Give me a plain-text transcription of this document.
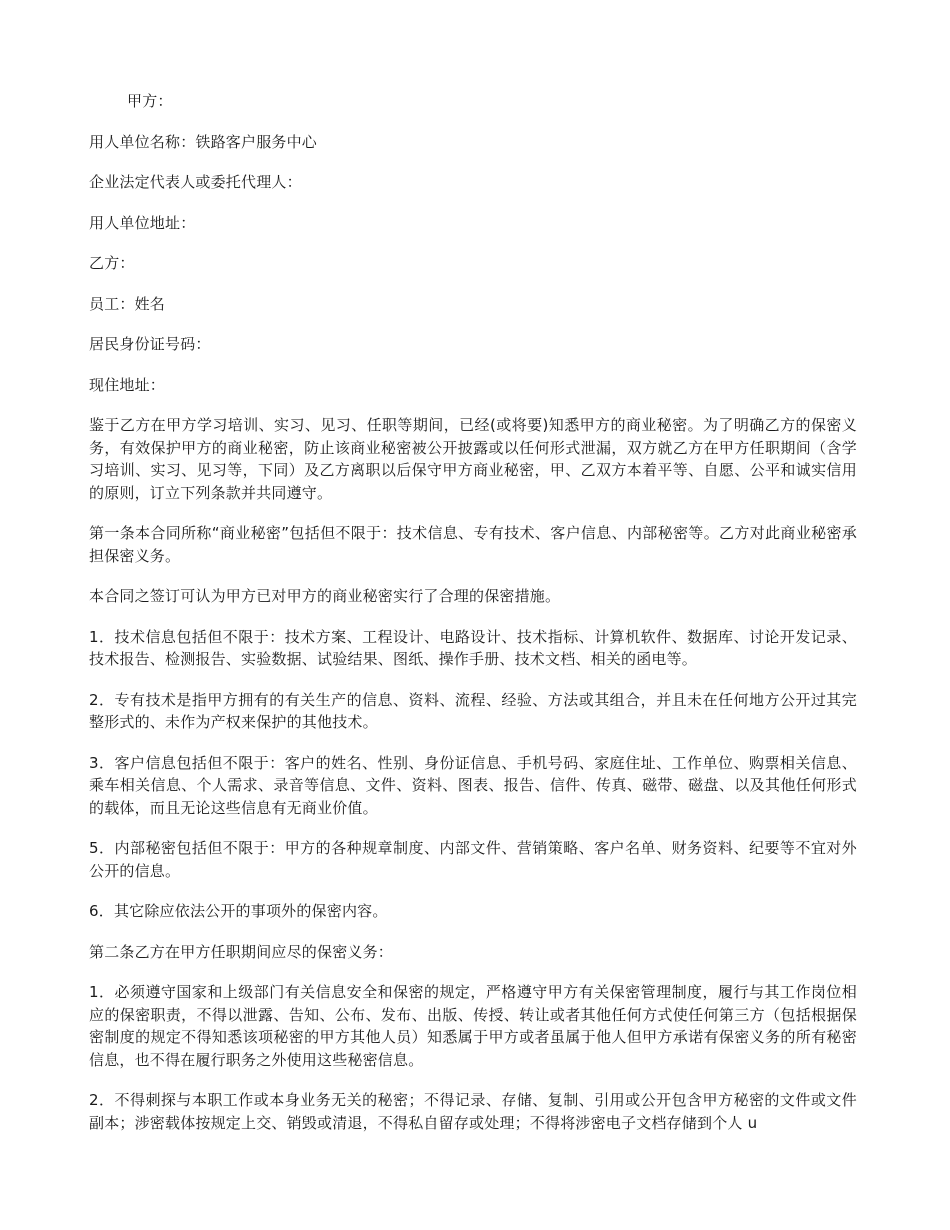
甲方：

用人单位名称：铁路客户服务中心

企业法定代表人或委托代理人：

用人单位地址：

乙方：

员工：姓名

居民身份证号码：

现住地址：

鉴于乙方在甲方学习培训、实习、见习、任职等期间，已经(或将要)知悉甲方的商业秘密。为了明确乙方的保密义务，有效保护甲方的商业秘密，防止该商业秘密被公开披露或以任何形式泄漏，双方就乙方在甲方任职期间（含学习培训、实习、见习等，下同）及乙方离职以后保守甲方商业秘密，甲、乙双方本着平等、自愿、公平和诚实信用的原则，订立下列条款并共同遵守。

第一条本合同所称“商业秘密”包括但不限于：技术信息、专有技术、客户信息、内部秘密等。乙方对此商业秘密承担保密义务。

本合同之签订可认为甲方已对甲方的商业秘密实行了合理的保密措施。

1．技术信息包括但不限于：技术方案、工程设计、电路设计、技术指标、计算机软件、数据库、讨论开发记录、技术报告、检测报告、实验数据、试验结果、图纸、操作手册、技术文档、相关的函电等。

2．专有技术是指甲方拥有的有关生产的信息、资料、流程、经验、方法或其组合，并且未在任何地方公开过其完整形式的、未作为产权来保护的其他技术。

3．客户信息包括但不限于：客户的姓名、性别、身份证信息、手机号码、家庭住址、工作单位、购票相关信息、乘车相关信息、个人需求、录音等信息、文件、资料、图表、报告、信件、传真、磁带、磁盘、以及其他任何形式的载体，而且无论这些信息有无商业价值。

5．内部秘密包括但不限于：甲方的各种规章制度、内部文件、营销策略、客户名单、财务资料、纪要等不宜对外公开的信息。

6．其它除应依法公开的事项外的保密内容。

第二条乙方在甲方任职期间应尽的保密义务：

1．必须遵守国家和上级部门有关信息安全和保密的规定，严格遵守甲方有关保密管理制度，履行与其工作岗位相应的保密职责，不得以泄露、告知、公布、发布、出版、传授、转让或者其他任何方式使任何第三方（包括根据保密制度的规定不得知悉该项秘密的甲方其他人员）知悉属于甲方或者虽属于他人但甲方承诺有保密义务的所有秘密信息，也不得在履行职务之外使用这些秘密信息。

2．不得刺探与本职工作或本身业务无关的秘密；不得记录、存储、复制、引用或公开包含甲方秘密的文件或文件副本；涉密载体按规定上交、销毁或清退，不得私自留存或处理；不得将涉密电子文档存储到个人 u
